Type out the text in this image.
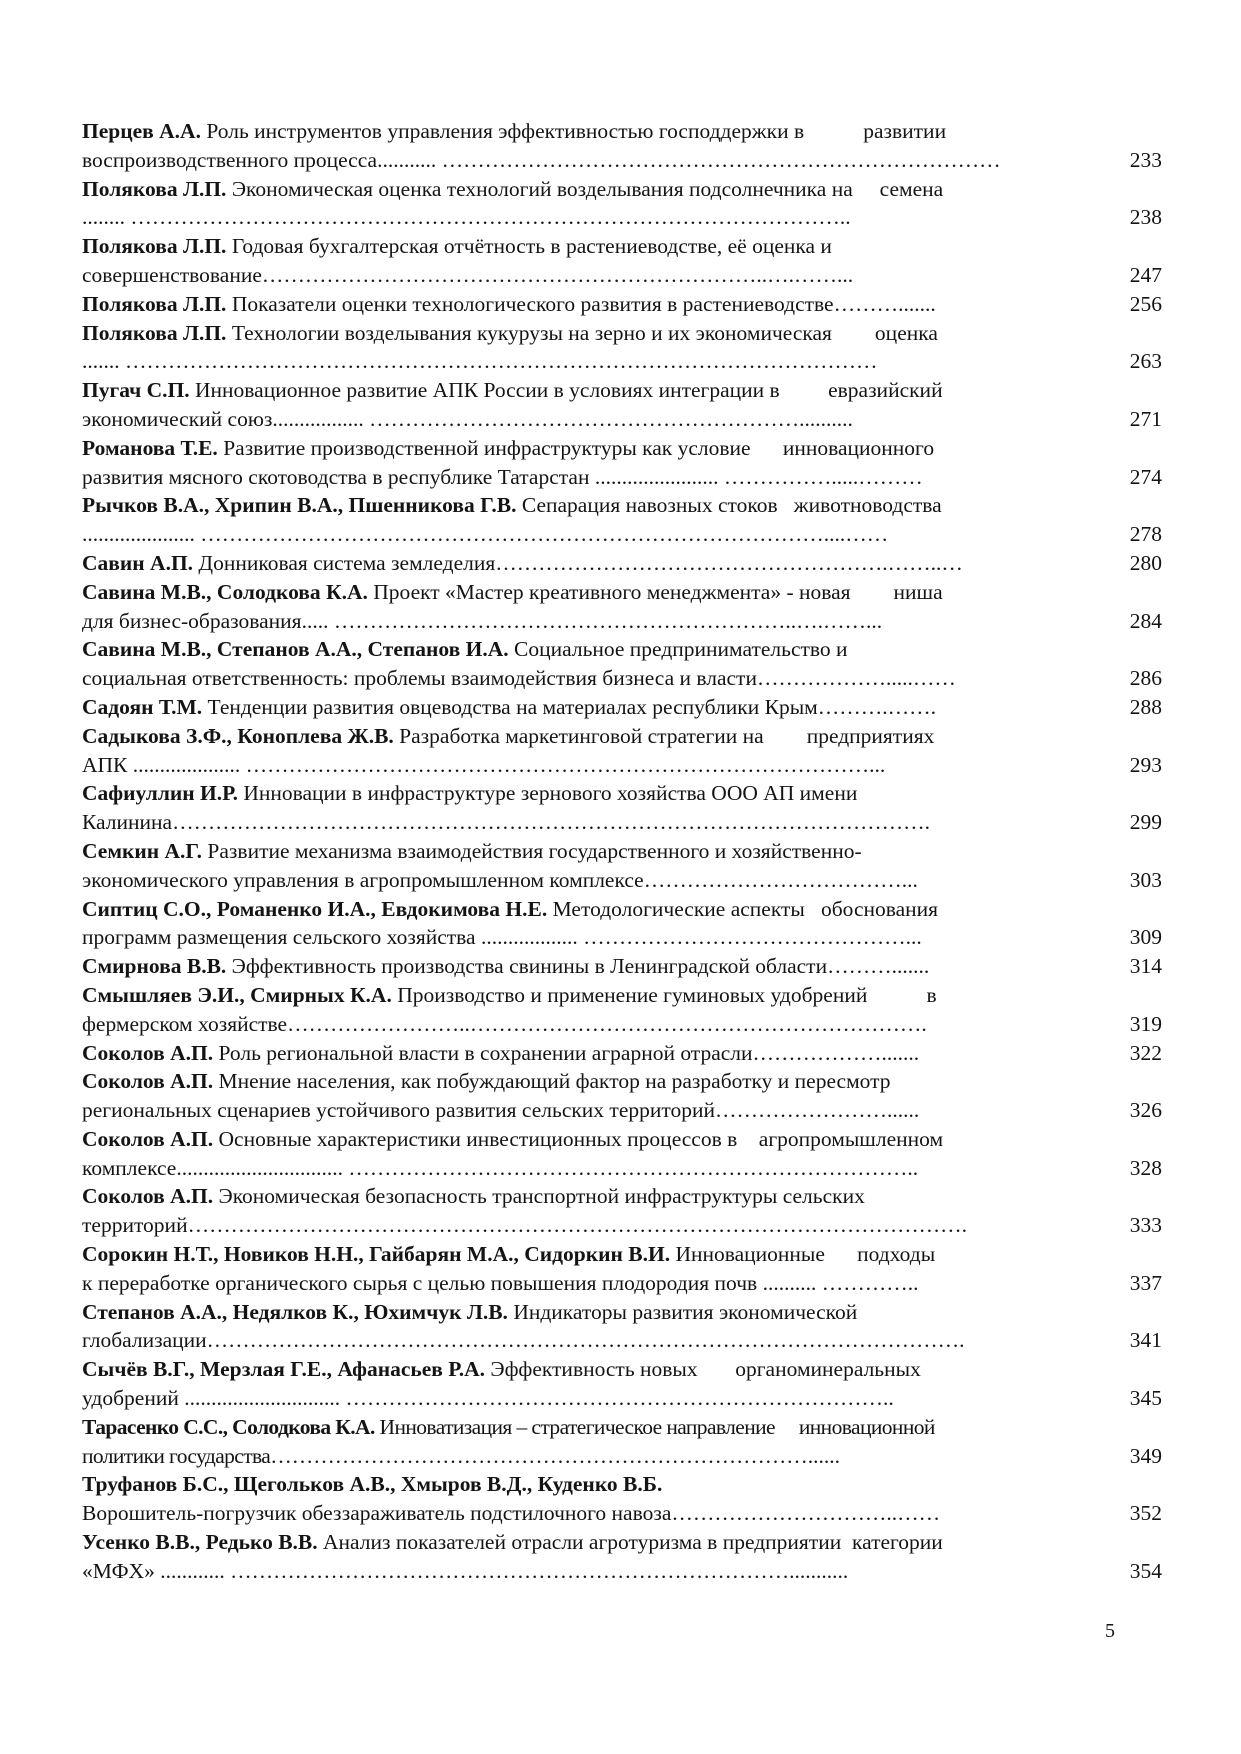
Перцев А.А. Роль инструментов управления эффективностью господдержки в           развитии
воспроизводственного процесса........... ……………………………………………………………………	233
Полякова Л.П. Экономическая оценка технологий возделывания подсолнечника на     семена
........ ………………………………………………………………………………………..	238
Полякова Л.П. Годовая бухгалтерская отчётность в растениеводстве, её оценка и
совершенствование……………………………………………………………..….……...	247
Полякова Л.П. Показатели оценки технологического развития в растениеводстве……….......	256
Полякова Л.П. Технологии возделывания кукурузы на зерно и их экономическая        оценка
....... ……………………………………………………………………………………………	263
Пугач С.П. Инновационное развитие АПК России в условиях интеграции в         евразийский
экономический союз................. ……………………………………………………..........	271
Романова Т.Е. Развитие производственной инфраструктуры как условие      инновационного
развития мясного скотоводства в республике Татарстан ....................... …………….....………	274
Рычков В.А., Хрипин В.А., Пшенникова Г.В. Сепарация навозных стоков   животноводства
..................... ……………………………………………………………………………....……	278
Савин А.П. Донниковая система земледелия……………………………………………….……..…	280
Савина М.В., Солодкова К.А. Проект «Мастер креативного менеджмента» - новая        ниша
для бизнес-образования..... ………………………………………………………..….……...	284
Савина М.В., Степанов А.А., Степанов И.А. Социальное предпринимательство и
социальная ответственность: проблемы взаимодействия бизнеса и власти……………….....……	286
Садоян Т.М. Тенденции развития овцеводства на материалах республики Крым……….…….	288
Садыкова З.Ф., Коноплева Ж.В. Разработка маркетинговой стратегии на        предприятиях
АПК .................... ……………………………………………………………………………...	293
Сафиуллин И.Р. Инновации в инфраструктуре зернового хозяйства ООО АП имени
Калинина…………………………………………………………………………………………….	299
Семкин А.Г. Развитие механизма взаимодействия государственного и хозяйственно-
экономического управления в агропромышленном комплексе………………………………...	303
Сиптиц С.О., Романенко И.А., Евдокимова Н.Е. Методологические аспекты   обоснования
программ размещения сельского хозяйства .................. ………………………………………...	309
Смирнова В.В. Эффективность производства свинины в Ленинградской области……….......	314
Смышляев Э.И., Смирных К.А. Производство и применение гуминовых удобрений           в
фермерском хозяйстве……………………..……………………………………………………….	319
Соколов А.П. Роль региональной власти в сохранении аграрной отрасли……………….......	322
Соколов А.П. Мнение населения, как побуждающий фактор на разработку и пересмотр
региональных сценариев устойчивого развития сельских территорий……………………......	326
Соколов А.П. Основные характеристики инвестиционных процессов в    агропромышленном
комплексе............................... ……………………………………………………………………..	328
Соколов А.П. Экономическая безопасность транспортной инфраструктуры сельских
территорий……………………………………………………………………………………………….	333
Сорокин Н.Т., Новиков Н.Н., Гайбарян М.А., Сидоркин В.И. Инновационные      подходы
к переработке органического сырья с целью повышения плодородия почв .......... …………..	337
Степанов А.А., Недялков К., Юхимчук Л.В. Индикаторы развития экономической
глобализации…………………………………………………………………………………………….	341
Сычёв В.Г., Мерзлая Г.Е., Афанасьев Р.А. Эффективность новых       органоминеральных
удобрений ............................. …………………………………………………………………..	345
Тарасенко С.С., Солодкова К.А. Инноватизация – стратегическое направление     инновационной
политики государства…………………………………………………………………......	349
Труфанов Б.С., Щегольков А.В., Хмыров В.Д., Куденко В.Б.
Ворошитель-погрузчик обеззараживатель подстилочного навоза…………………………..……	352
Усенко В.В., Редько В.В. Анализ показателей отрасли агротуризма в предприятии  категории
«МФХ» ............ ……………………………………………………………………...........	354
5
